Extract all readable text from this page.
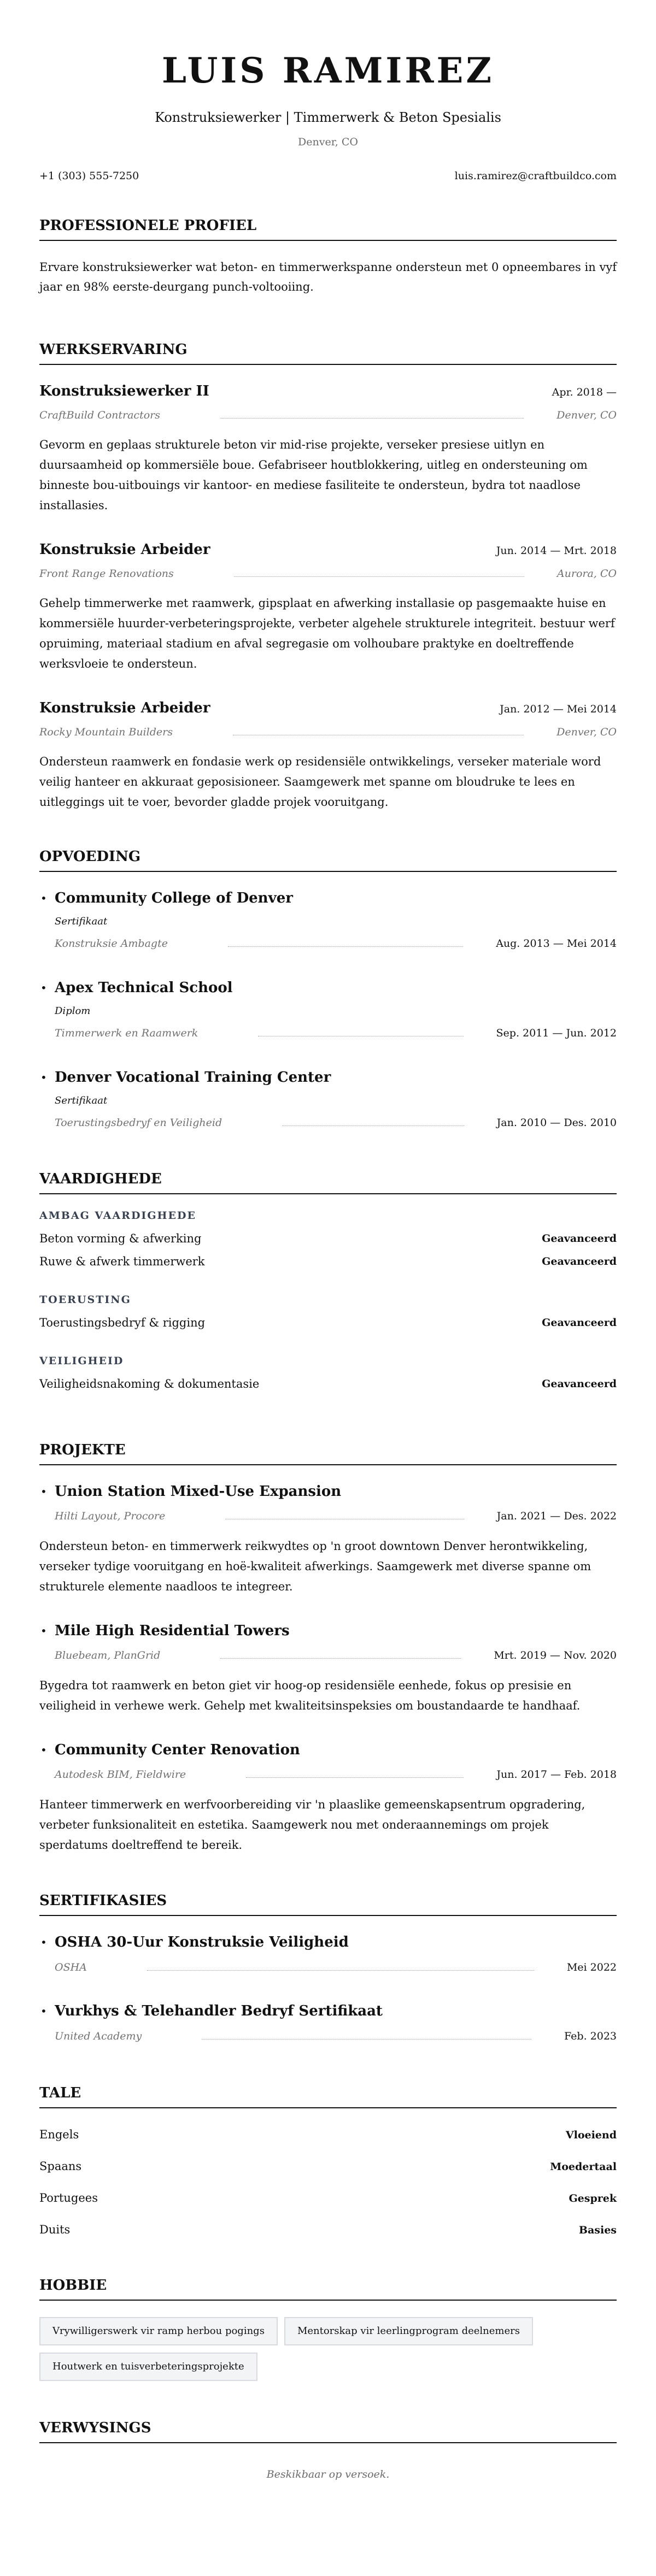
LUIS RAMIREZ
Konstruksiewerker | Timmerwerk & Beton Spesialis
Denver, CO
+1 (303) 555-7250	luis.ramirez@craftbuildco.com
PROFESSIONELE PROFIEL

Ervare konstruksiewerker wat beton- en timmerwerkspanne ondersteun met 0 opneembares in vyf jaar en 98% eerste-deurgang punch-voltooiing.

WERKSERVARING
Konstruksiewerker II	Apr. 2018 —
CraftBuild Contractors	Denver, CO

Gevorm en geplaas strukturele beton vir mid-rise projekte, verseker presiese uitlyn en duursaamheid op kommersiële boue. Gefabriseer houtblokkering, uitleg en ondersteuning om binneste bou-uitbouings vir kantoor- en mediese fasiliteite te ondersteun, bydra tot naadlose installasies.

Konstruksie Arbeider	Jun. 2014 — Mrt. 2018
Front Range Renovations	Aurora, CO

Gehelp timmerwerke met raamwerk, gipsplaat en afwerking installasie op pasgemaakte huise en kommersiële huurder-verbeteringsprojekte, verbeter algehele strukturele integriteit. bestuur werf opruiming, materiaal stadium en afval segregasie om volhoubare praktyke en doeltreffende werksvloeie te ondersteun.

Konstruksie Arbeider	Jan. 2012 — Mei 2014
Rocky Mountain Builders	Denver, CO

Ondersteun raamwerk en fondasie werk op residensiële ontwikkelings, verseker materiale word veilig hanteer en akkuraat geposisioneer. Saamgewerk met spanne om bloudruke te lees en uitleggings uit te voer, bevorder gladde projek vooruitgang.

OPVOEDING
• Community College of Denver
Sertifikaat
Konstruksie Ambagte	Aug. 2013 — Mei 2014
• Apex Technical School
Diplom
Timmerwerk en Raamwerk	Sep. 2011 — Jun. 2012
• Denver Vocational Training Center
Sertifikaat
Toerustingsbedryf en Veiligheid	Jan. 2010 — Des. 2010
VAARDIGHEDE
AMBAG VAARDIGHEDE
Beton vorming & afwerking	Geavanceerd
Ruwe & afwerk timmerwerk	Geavanceerd
TOERUSTING
Toerustingsbedryf & rigging	Geavanceerd
VEILIGHEID
Veiligheidsnakoming & dokumentasie	Geavanceerd
PROJEKTE
• Union Station Mixed-Use Expansion
Hilti Layout, Procore	Jan. 2021 — Des. 2022

Ondersteun beton- en timmerwerk reikwydtes op 'n groot downtown Denver herontwikkeling, verseker tydige vooruitgang en hoë-kwaliteit afwerkings. Saamgewerk met diverse spanne om strukturele elemente naadloos te integreer.

• Mile High Residential Towers
Bluebeam, PlanGrid	Mrt. 2019 — Nov. 2020

Bygedra tot raamwerk en beton giet vir hoog-op residensiële eenhede, fokus op presisie en veiligheid in verhewe werk. Gehelp met kwaliteitsinspeksies om boustandaarde te handhaaf.

• Community Center Renovation
Autodesk BIM, Fieldwire	Jun. 2017 — Feb. 2018

Hanteer timmerwerk en werfvoorbereiding vir 'n plaaslike gemeenskapsentrum opgradering, verbeter funksionaliteit en estetika. Saamgewerk nou met onderaannemings om projek sperdatums doeltreffend te bereik.

SERTIFIKASIES
• OSHA 30-Uur Konstruksie Veiligheid
OSHA	Mei 2022
• Vurkhys & Telehandler Bedryf Sertifikaat
United Academy	Feb. 2023
TALE
Engels	Vloeiend
Spaans	Moedertaal
Portugees	Gesprek
Duits	Basies
HOBBIE
Vrywilligerswerk vir ramp herbou pogings	Mentorskap vir leerlingprogram deelnemers
Houtwerk en tuisverbeteringsprojekte
VERWYSINGS

Beskikbaar op versoek.
